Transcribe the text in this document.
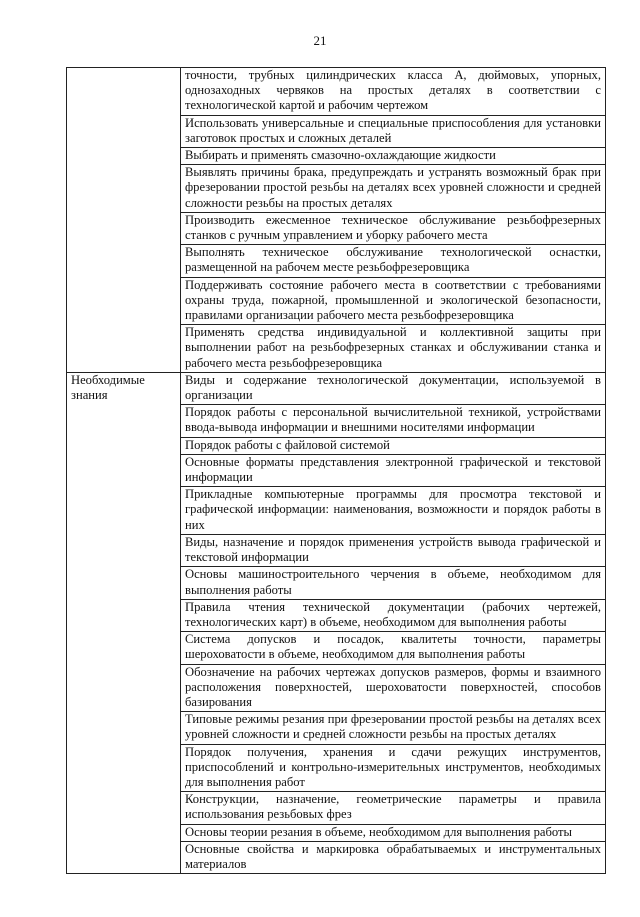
21
	точности, трубных цилиндрических класса А, дюймовых, упорных, однозаходных червяков на простых деталях в соответствии с технологической картой и рабочим чертежом
	Использовать универсальные и специальные приспособления для установки заготовок простых и сложных деталей
	Выбирать и применять смазочно-охлаждающие жидкости
	Выявлять причины брака, предупреждать и устранять возможный брак при фрезеровании простой резьбы на деталях всех уровней сложности и средней сложности резьбы на простых деталях
	Производить ежесменное техническое обслуживание резьбофрезерных станков с ручным управлением и уборку рабочего места
	Выполнять техническое обслуживание технологической оснастки, размещенной на рабочем месте резьбофрезеровщика
	Поддерживать состояние рабочего места в соответствии с требованиями охраны труда, пожарной, промышленной и экологической безопасности, правилами организации рабочего места резьбофрезеровщика
	Применять средства индивидуальной и коллективной защиты при выполнении работ на резьбофрезерных станках и обслуживании станка и рабочего места резьбофрезеровщика
Необходимые знания	Виды и содержание технологической документации, используемой в организации
	Порядок работы с персональной вычислительной техникой, устройствами ввода-вывода информации и внешними носителями информации
	Порядок работы с файловой системой
	Основные форматы представления электронной графической и текстовой информации
	Прикладные компьютерные программы для просмотра текстовой и графической информации: наименования, возможности и порядок работы в них
	Виды, назначение и порядок применения устройств вывода графической и текстовой информации
	Основы машиностроительного черчения в объеме, необходимом для выполнения работы
	Правила чтения технической документации (рабочих чертежей, технологических карт) в объеме, необходимом для выполнения работы
	Система допусков и посадок, квалитеты точности, параметры шероховатости в объеме, необходимом для выполнения работы
	Обозначение на рабочих чертежах допусков размеров, формы и взаимного расположения поверхностей, шероховатости поверхностей, способов базирования
	Типовые режимы резания при фрезеровании простой резьбы на деталях всех уровней сложности и средней сложности резьбы на простых деталях
	Порядок получения, хранения и сдачи режущих инструментов, приспособлений и контрольно-измерительных инструментов, необходимых для выполнения работ
	Конструкции, назначение, геометрические параметры и правила использования резьбовых фрез
	Основы теории резания в объеме, необходимом для выполнения работы
	Основные свойства и маркировка обрабатываемых и инструментальных материалов
